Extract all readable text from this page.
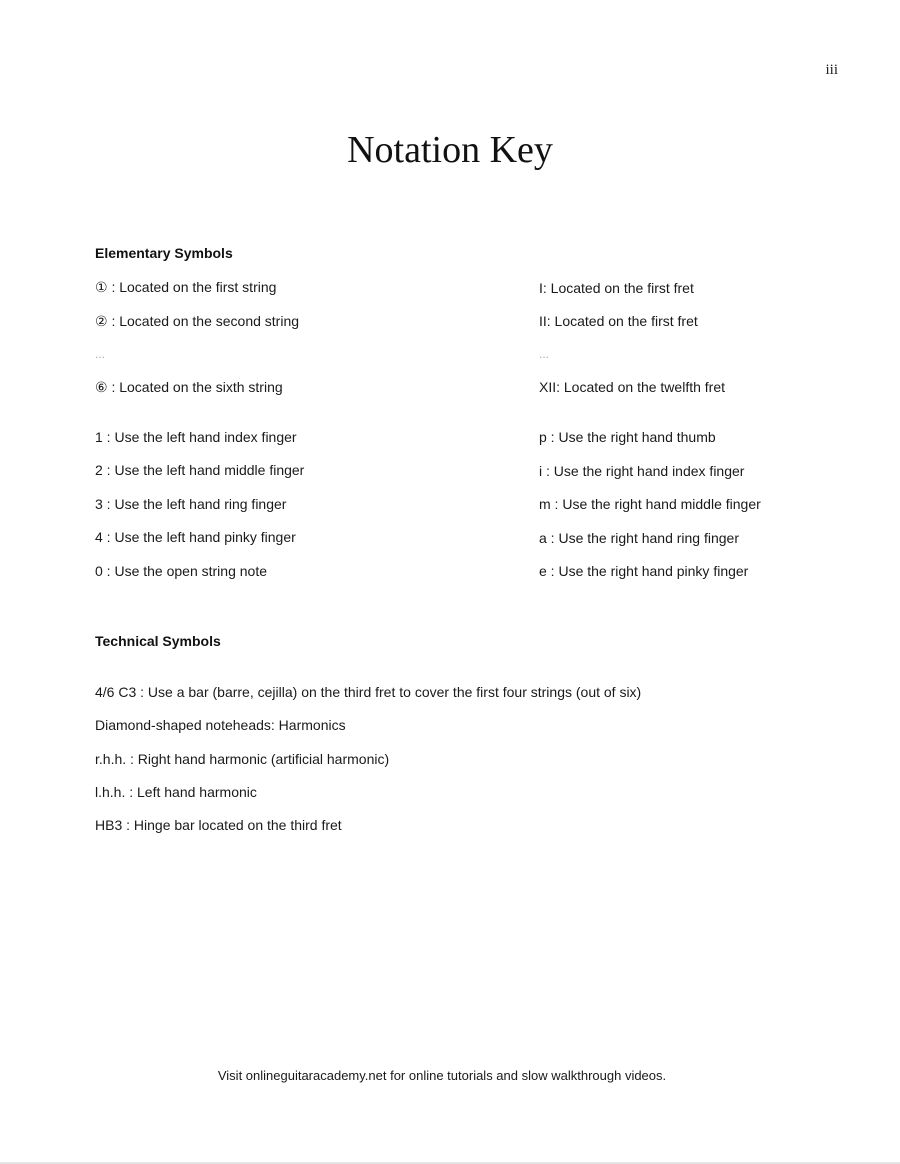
iii
Notation Key
Elementary Symbols
① : Located on the first string
② : Located on the second string
...
⑥ : Located on the sixth string
1 : Use the left hand index finger
2 : Use the left hand middle finger
3 : Use the left hand ring finger
4 : Use the left hand pinky finger
0 : Use the open string note
I: Located on the first fret
II: Located on the first fret
...
XII: Located on the twelfth fret
p : Use the right hand thumb
i : Use the right hand index finger
m : Use the right hand middle finger
a : Use the right hand ring finger
e : Use the right hand pinky finger
Technical Symbols
4/6 C3 : Use a bar (barre, cejilla) on the third fret to cover the first four strings (out of six)
Diamond-shaped noteheads: Harmonics
r.h.h. : Right hand harmonic (artificial harmonic)
l.h.h. : Left hand harmonic
HB3 : Hinge bar located on the third fret
Visit onlineguitaracademy.net for online tutorials and slow walkthrough videos.
